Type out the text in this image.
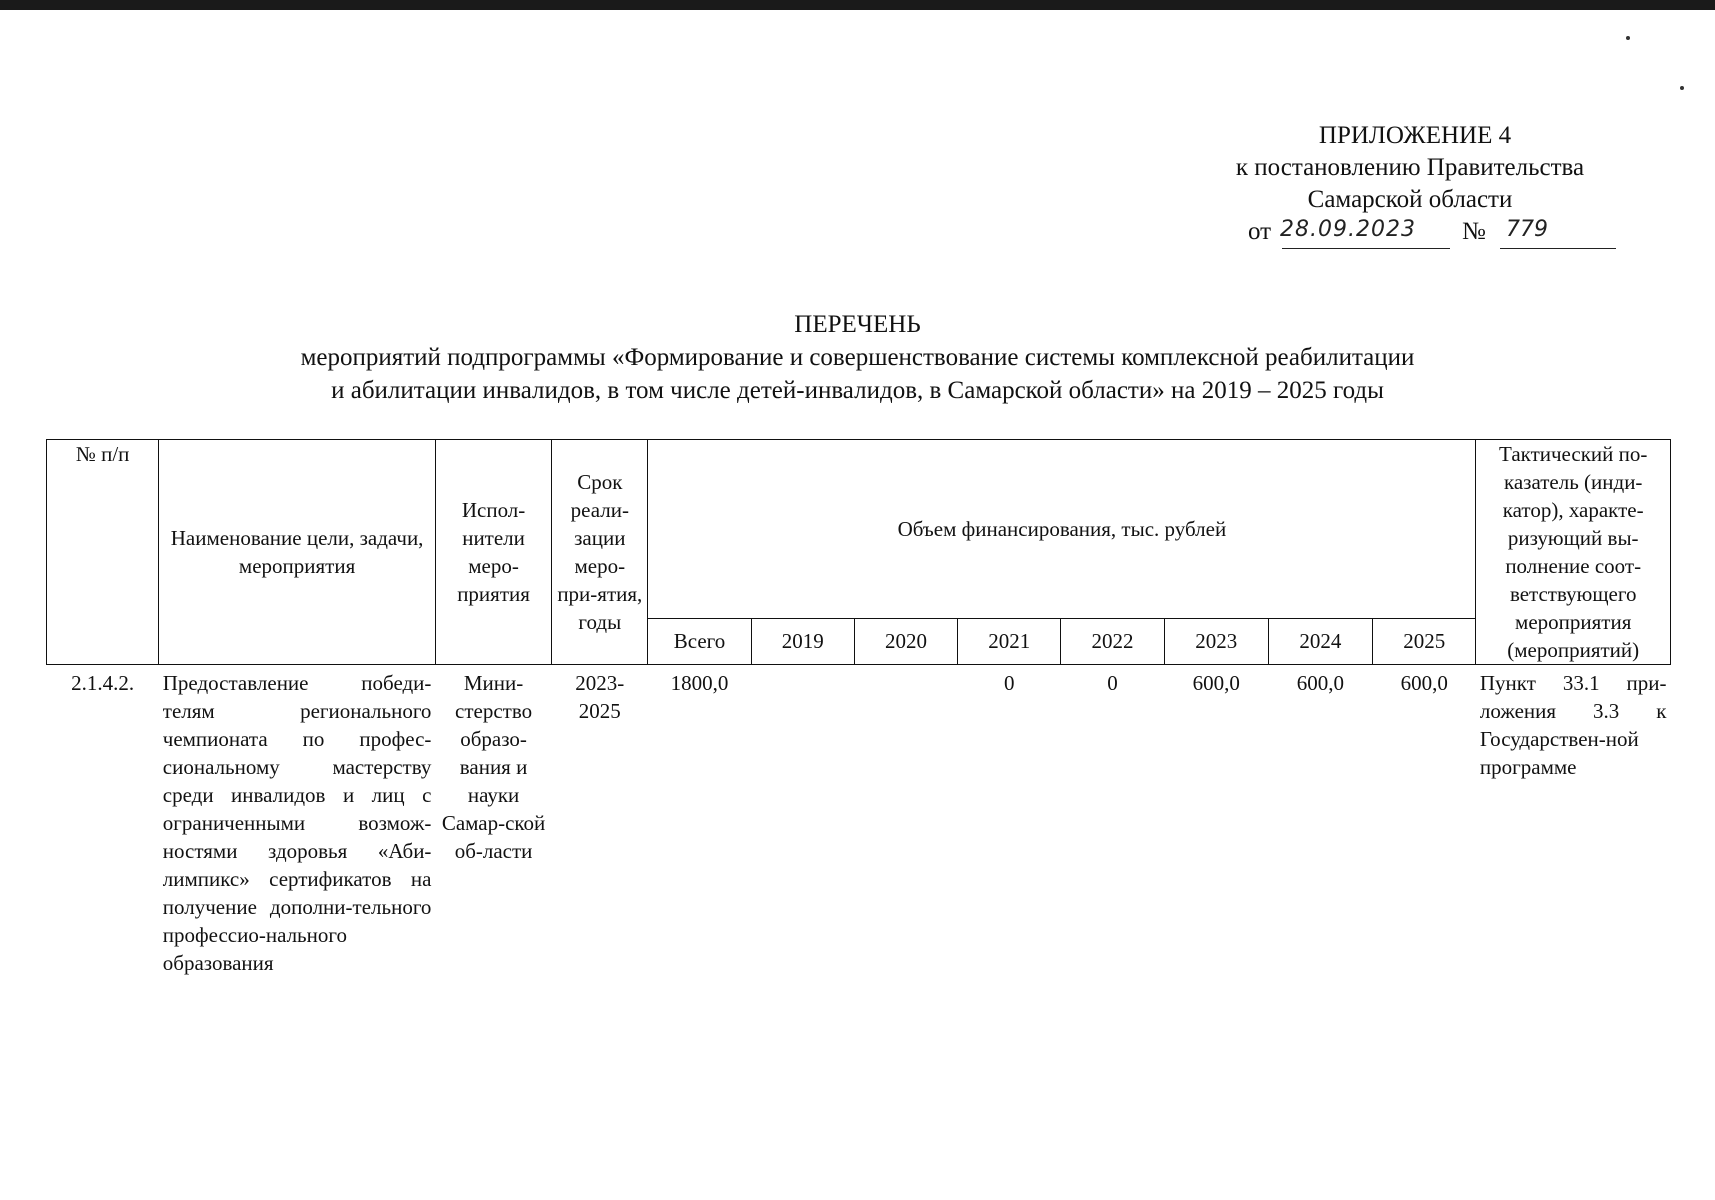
ПРИЛОЖЕНИЕ 4
к постановлению Правительства
Самарской области
от 28.09.2023 № 779
ПЕРЕЧЕНЬ
мероприятий подпрограммы «Формирование и совершенствование системы комплексной реабилитации
и абилитации инвалидов, в том числе детей-инвалидов, в Самарской области» на 2019 – 2025 годы
№ п/п	Наименование цели, задачи, мероприятия	Испол-нители меро-приятия	Срок реали-зации меро-при-ятия, годы	Объем финансирования, тыс. рублей								Тактический по-казатель (инди-катор), характе-ризующий вы-полнение соот-ветствующего мероприятия (мероприятий)
				Всего	2019	2020	2021	2022	2023	2024	2025	
2.1.4.2.	Предоставление победи-телям регионального чемпионата по профес-сиональному мастерству среди инвалидов и лиц с ограниченными возмож-ностями здоровья «Аби-лимпикс» сертификатов на получение дополни-тельного профессио-нального образования	Мини-стерство образо-вания и науки Самар-ской об-ласти	2023-2025	1800,0			0	0	600,0	600,0	600,0	Пункт 33.1 при-ложения 3.3 к Государствен-ной программе
